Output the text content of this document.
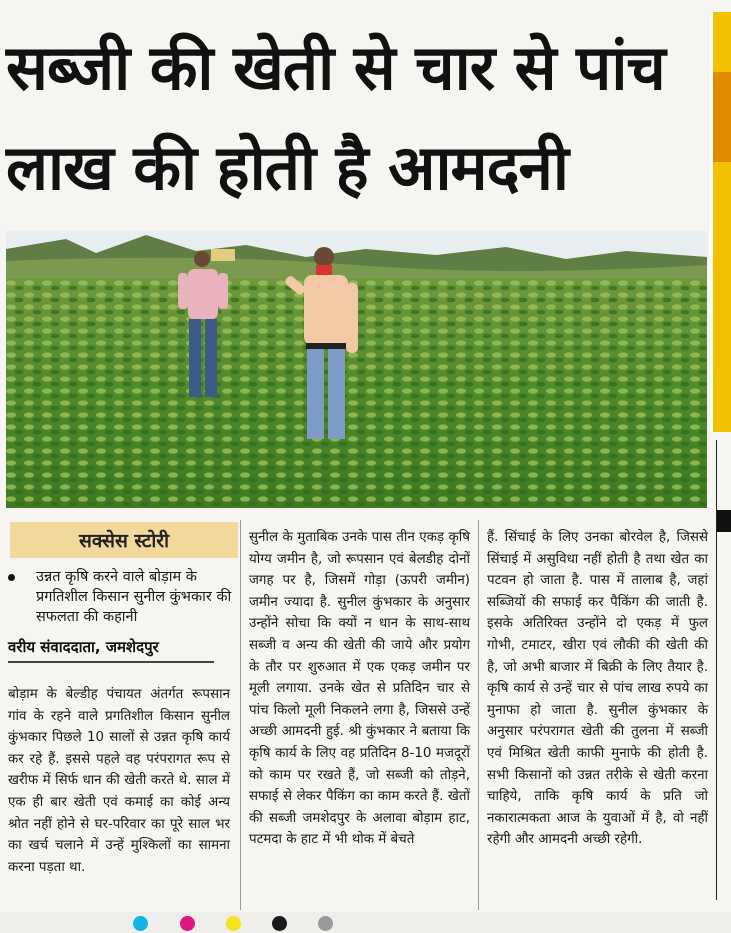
सब्जी की खेती से चार से पांच
लाख की होती है आमदनी
सक्सेस स्टोरी
उन्नत कृषि करने वाले बोड़ाम के प्रगतिशील किसान सुनील कुंभकार की सफलता की कहानी
वरीय संवाददाता, जमशेदपुर

बोड़ाम के बेल्डीह पंचायत अंतर्गत रूपसान गांव के रहने वाले प्रगतिशील किसान सुनील कुंभकार पिछले 10 सालों से उन्नत कृषि कार्य कर रहे हैं. इससे पहले वह परंपरागत रूप से खरीफ में सिर्फ धान की खेती करते थे. साल में एक ही बार खेती एवं कमाई का कोई अन्य श्रोत नहीं होने से घर-परिवार का पूरे साल भर का खर्च चलाने में उन्हें मुश्किलों का सामना करना पड़ता था.

सुनील के मुताबिक उनके पास तीन एकड़ कृषि योग्य जमीन है, जो रूपसान एवं बेलडीह दोनों जगह पर है, जिसमें गोड़ा (ऊपरी जमीन) जमीन ज्यादा है. सुनील कुंभकार के अनुसार उन्होंने सोचा कि क्यों न धान के साथ-साथ सब्जी व अन्य की खेती की जाये और प्रयोग के तौर पर शुरुआत में एक एकड़ जमीन पर मूली लगाया. उनके खेत से प्रतिदिन चार से पांच किलो मूली निकलने लगा है, जिससे उन्हें अच्छी आमदनी हुई. श्री कुंभकार ने बताया कि कृषि कार्य के लिए वह प्रतिदिन 8-10 मजदूरों को काम पर रखते हैं, जो सब्जी को तोड़ने, सफाई से लेकर पैकिंग का काम करते हैं. खेतों की सब्जी जमशेदपुर के अलावा बोड़ाम हाट, पटमदा के हाट में भी थोक में बेचते

हैं. सिंचाई के लिए उनका बोरवेल है, जिससे सिंचाई में असुविधा नहीं होती है तथा खेत का पटवन हो जाता है. पास में तालाब है, जहां सब्जियों की सफाई कर पैकिंग की जाती है. इसके अतिरिक्त उन्होंने दो एकड़ में फुल गोभी, टमाटर, खीरा एवं लौकी की खेती की है, जो अभी बाजार में बिक्री के लिए तैयार है. कृषि कार्य से उन्हें चार से पांच लाख रुपये का मुनाफा हो जाता है. सुनील कुंभकार के अनुसार परंपरागत खेती की तुलना में सब्जी एवं मिश्रित खेती काफी मुनाफे की होती है. सभी किसानों को उन्नत तरीके से खेती करना चाहिये, ताकि कृषि कार्य के प्रति जो नकारात्मकता आज के युवाओं में है, वो नहीं रहेगी और आमदनी अच्छी रहेगी.
